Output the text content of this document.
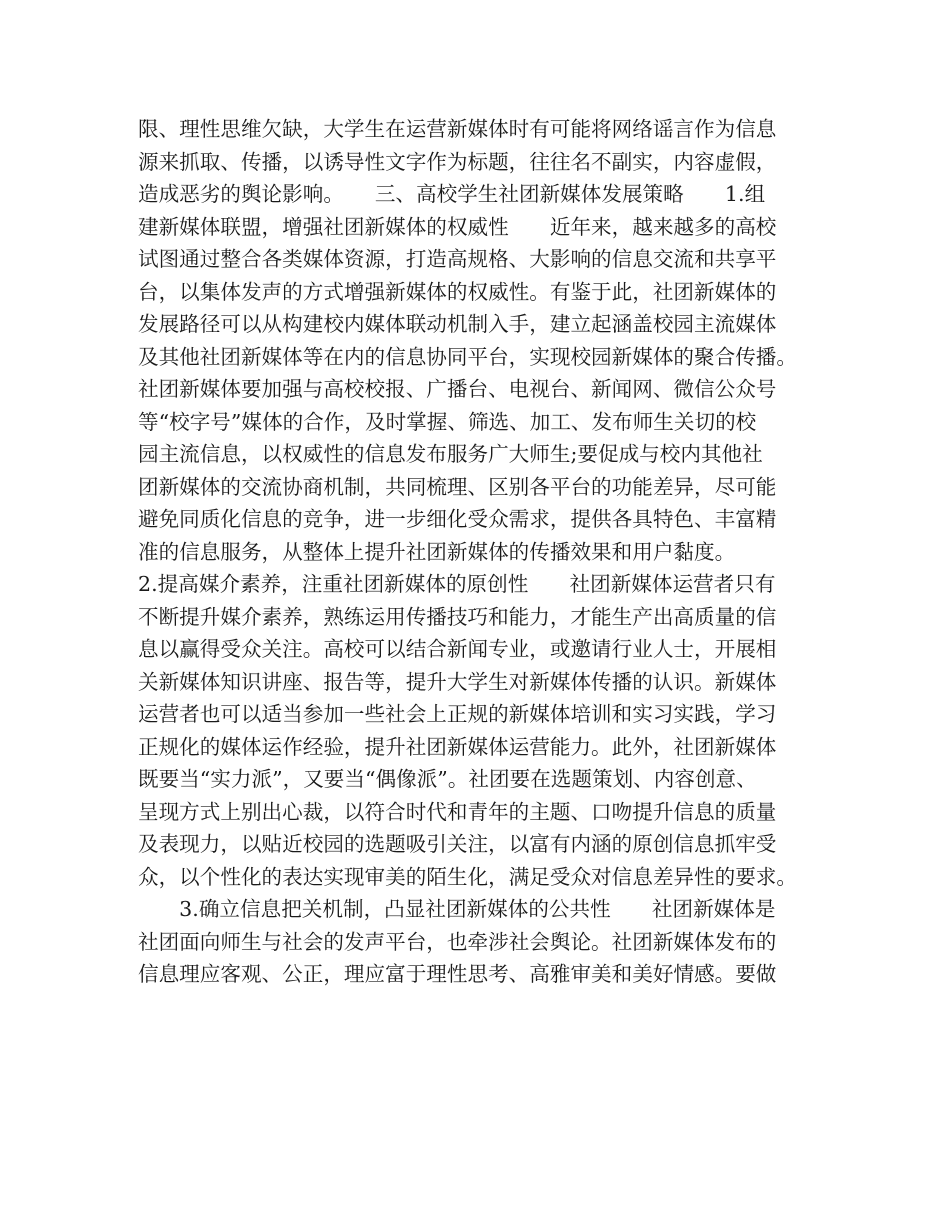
限、理性思维欠缺，大学生在运营新媒体时有可能将网络谣言作为信息
源来抓取、传播，以诱导性文字作为标题，往往名不副实，内容虚假，
造成恶劣的舆论影响。　　三、高校学生社团新媒体发展策略　　1.组
建新媒体联盟，增强社团新媒体的权威性　　近年来，越来越多的高校
试图通过整合各类媒体资源，打造高规格、大影响的信息交流和共享平
台，以集体发声的方式增强新媒体的权威性。有鉴于此，社团新媒体的
发展路径可以从构建校内媒体联动机制入手，建立起涵盖校园主流媒体
及其他社团新媒体等在内的信息协同平台，实现校园新媒体的聚合传播。
社团新媒体要加强与高校校报、广播台、电视台、新闻网、微信公众号
等“校字号”媒体的合作，及时掌握、筛选、加工、发布师生关切的校
园主流信息，以权威性的信息发布服务广大师生;要促成与校内其他社
团新媒体的交流协商机制，共同梳理、区别各平台的功能差异，尽可能
避免同质化信息的竞争，进一步细化受众需求，提供各具特色、丰富精
准的信息服务，从整体上提升社团新媒体的传播效果和用户黏度。
2.提高媒介素养，注重社团新媒体的原创性　　社团新媒体运营者只有
不断提升媒介素养，熟练运用传播技巧和能力，才能生产出高质量的信
息以赢得受众关注。高校可以结合新闻专业，或邀请行业人士，开展相
关新媒体知识讲座、报告等，提升大学生对新媒体传播的认识。新媒体
运营者也可以适当参加一些社会上正规的新媒体培训和实习实践，学习
正规化的媒体运作经验，提升社团新媒体运营能力。此外，社团新媒体
既要当“实力派”，又要当“偶像派”。社团要在选题策划、内容创意、
呈现方式上别出心裁，以符合时代和青年的主题、口吻提升信息的质量
及表现力，以贴近校园的选题吸引关注，以富有内涵的原创信息抓牢受
众，以个性化的表达实现审美的陌生化，满足受众对信息差异性的要求。
　　3.确立信息把关机制，凸显社团新媒体的公共性　　社团新媒体是
社团面向师生与社会的发声平台，也牵涉社会舆论。社团新媒体发布的
信息理应客观、公正，理应富于理性思考、高雅审美和美好情感。要做
